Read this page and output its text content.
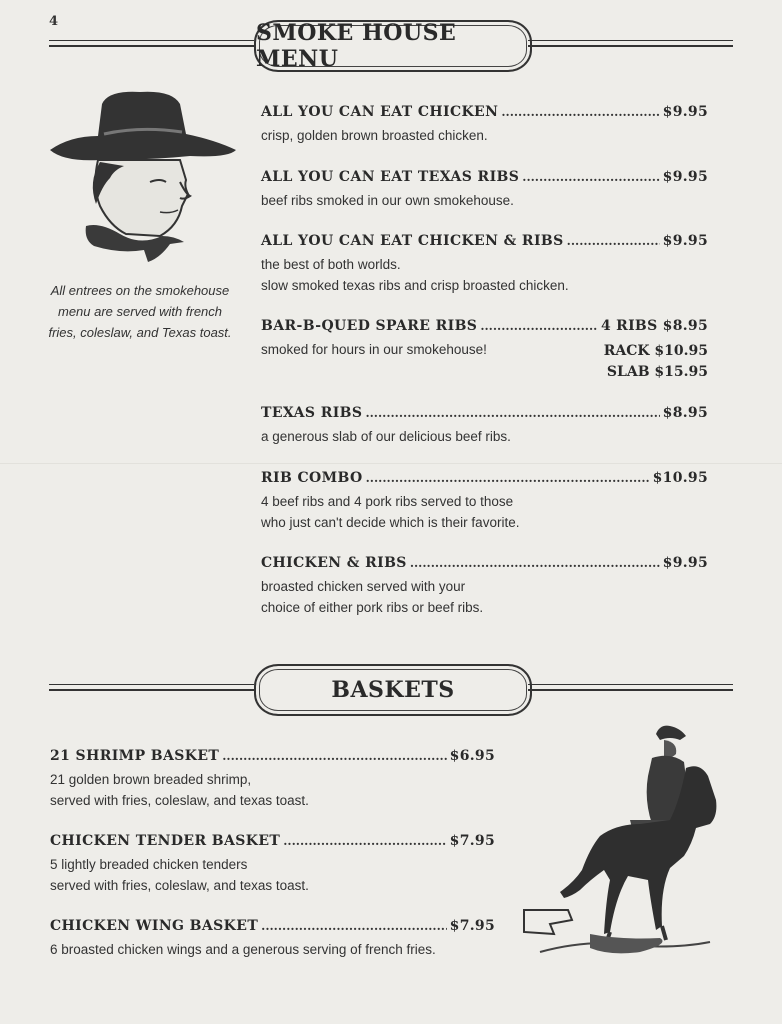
4	SMOKE HOUSE MENU
All entrees on the smokehouse
menu are served with french
fries, coleslaw, and Texas toast.
ALL YOU CAN EAT CHICKEN .....	$9.95
crisp, golden brown broasted chicken.
ALL YOU CAN EAT TEXAS RIBS .....	$9.95
beef ribs smoked in our own smokehouse.
ALL YOU CAN EAT CHICKEN & RIBS .....	$9.95
the best of both worlds.
slow smoked texas ribs and crisp broasted chicken.
BAR-B-QUED SPARE RIBS .....	4 RIBS $8.95
smoked for hours in our smokehouse!	RACK $10.95
SLAB $15.95
TEXAS RIBS .....	$8.95
a generous slab of our delicious beef ribs.
RIB COMBO .....	$10.95
4 beef ribs and 4 pork ribs served to those
who just can't decide which is their favorite.
CHICKEN & RIBS .....	$9.95
broasted chicken served with your
choice of either pork ribs or beef ribs.
BASKETS
21 SHRIMP BASKET .....	$6.95
21 golden brown breaded shrimp,
served with fries, coleslaw, and texas toast.
CHICKEN TENDER BASKET .....	$7.95
5 lightly breaded chicken tenders
served with fries, coleslaw, and texas toast.
CHICKEN WING BASKET .....	$7.95
6 broasted chicken wings and a generous serving of french fries.
